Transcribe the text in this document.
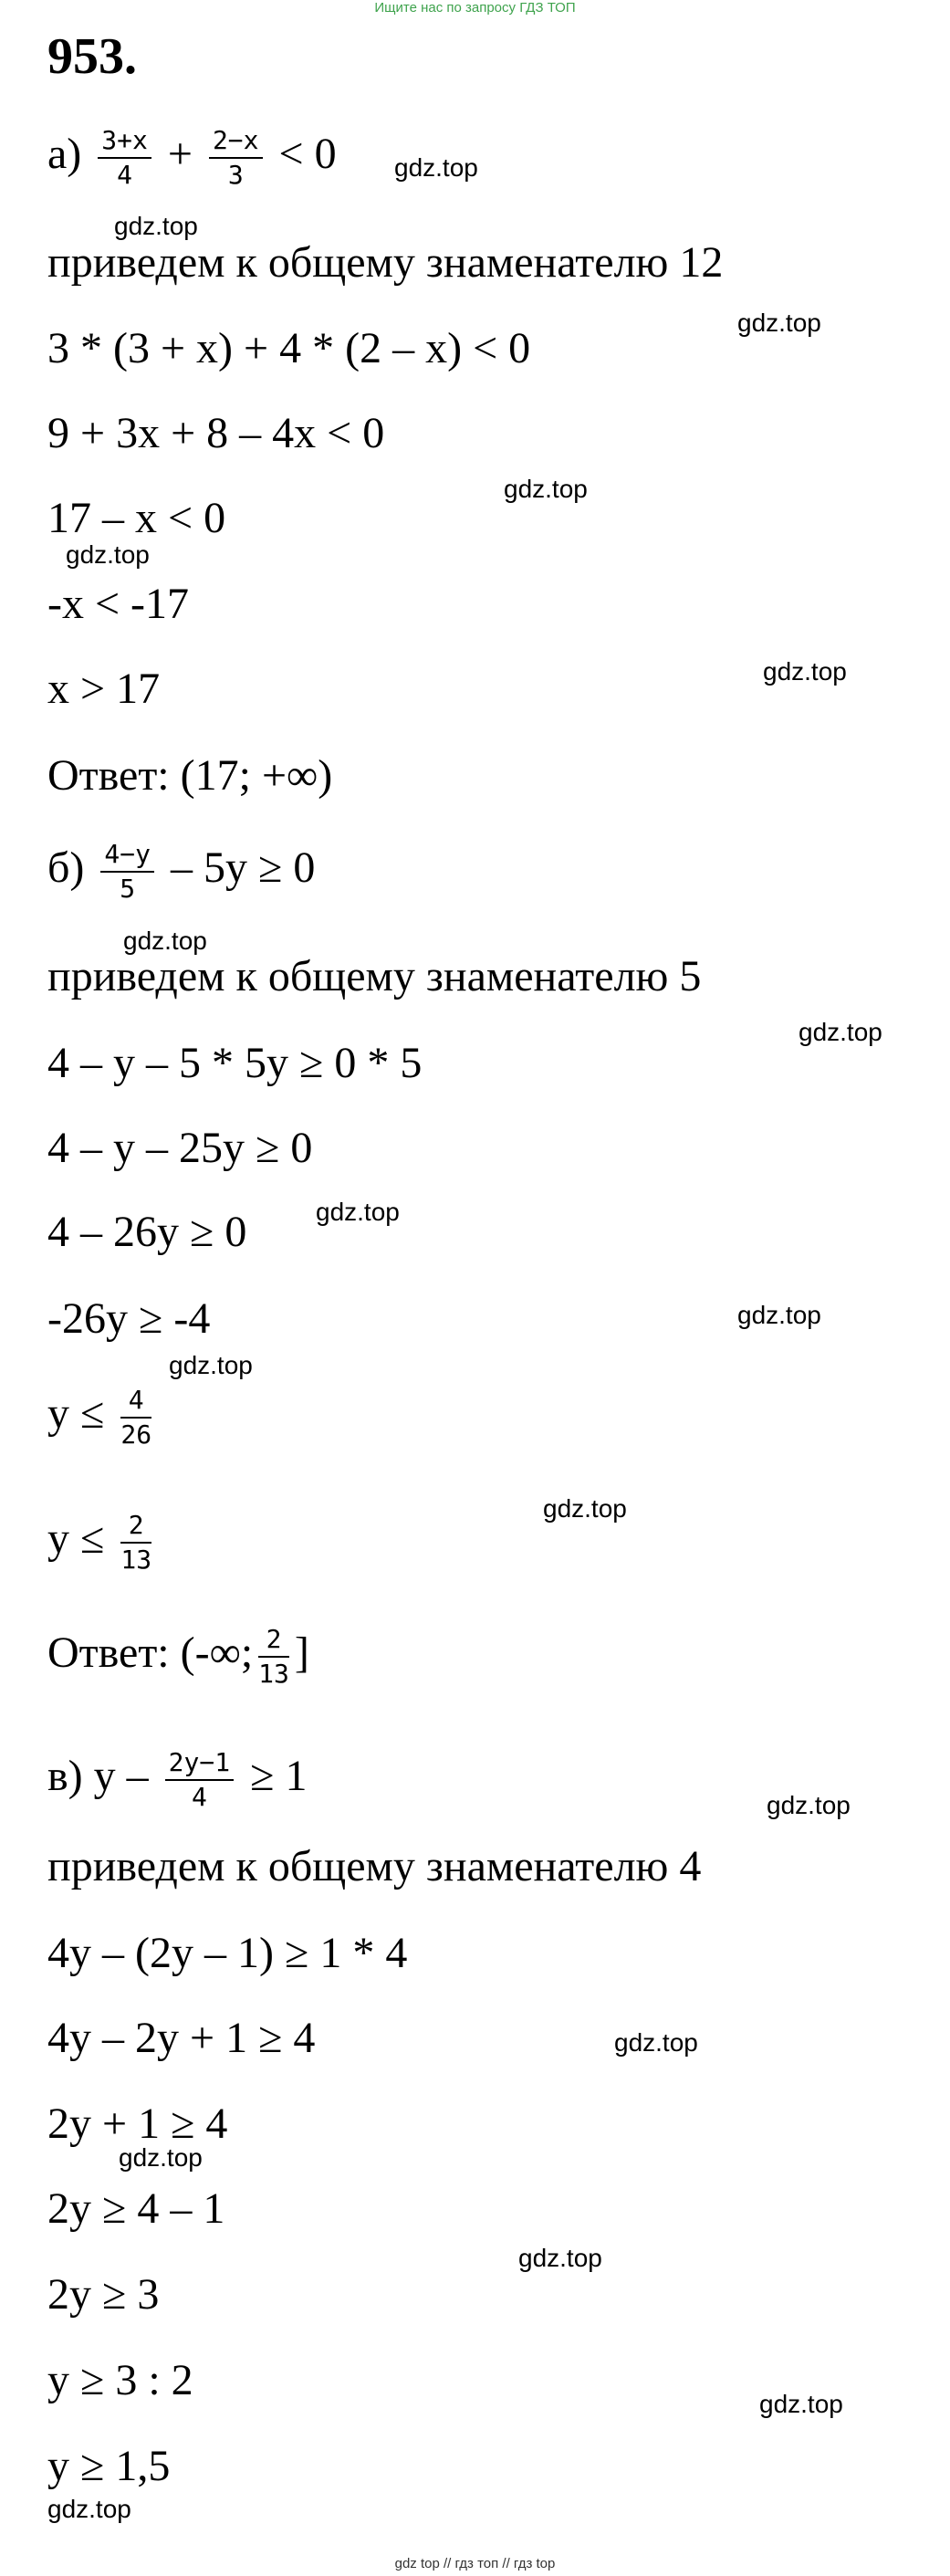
Ищите нас по запросу ГДЗ ТОП
953.
$а) \frac{3+x}{4} + \frac{2-x}{3} < 0$
приведем к общему знаменателю 12
3 * (3 + x) + 4 * (2 – x) < 0
9 + 3x + 8 – 4x < 0
17 – x < 0
-x < -17
x > 17
Ответ: (17; +∞)
$б) \frac{4-y}{5} - 5y \ge 0$
приведем к общему знаменателю 5
4 – y – 5 * 5y ≥ 0 * 5
4 – y – 25y ≥ 0
4 – 26y ≥ 0
-26y ≥ -4
$y \le \frac{4}{26}$
$y \le \frac{2}{13}$
Ответ: (-∞; $\frac{2}{13}$ ]
в) $y - \frac{2y-1}{4} \ge 1$
приведем к общему знаменателю 4
4y – (2y – 1) ≥ 1 * 4
4y – 2y + 1 ≥ 4
2y + 1 ≥ 4
2y ≥ 4 – 1
2y ≥ 3
y ≥ 3 : 2
y ≥ 1,5
gdz.top
gdz.top
gdz.top
gdz.top
gdz.top
gdz.top
gdz.top
gdz.top
gdz.top
gdz.top
gdz.top
gdz.top
gdz.top
gdz.top
gdz.top
gdz.top
gdz.top
gdz.top
gdz top // гдз топ // гдз top
